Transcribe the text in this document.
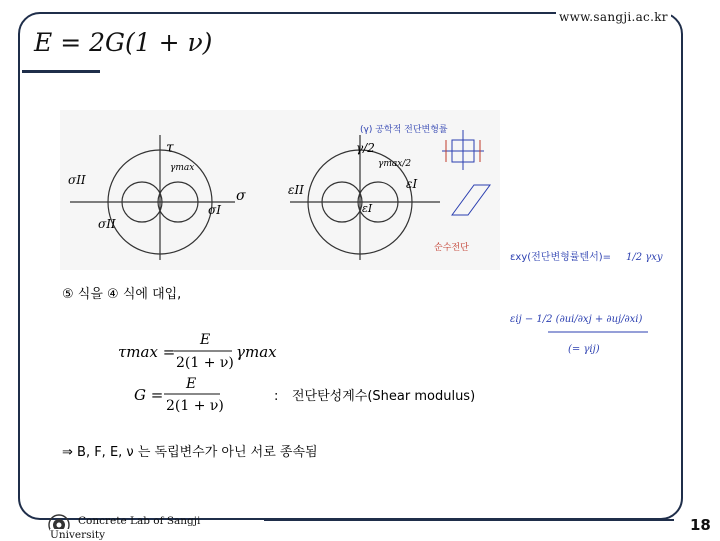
www.sangji.ac.kr
E = 2G(1 + ν)
τ
γmax
σ
σI
σII
σII
γ/2
γmax/2
εI
εII
εI
(γ) 공학적 전단변형률
순수전단
εxy(전단변형률텐서)= 1/2 γxy
εij − 1/2 (∂ui/∂xj + ∂uj/∂xi)
(= γij)
⑤ 식을 ④ 식에 대입,
τmax =
E
2(1 + ν)
γmax
G =
E
2(1 + ν)
: 전단탄성계수(Shear modulus)
⇒ B, F, E, ν 는 독립변수가 아닌 서로 종속됨
Concrete Lab of Sangji
University
18
